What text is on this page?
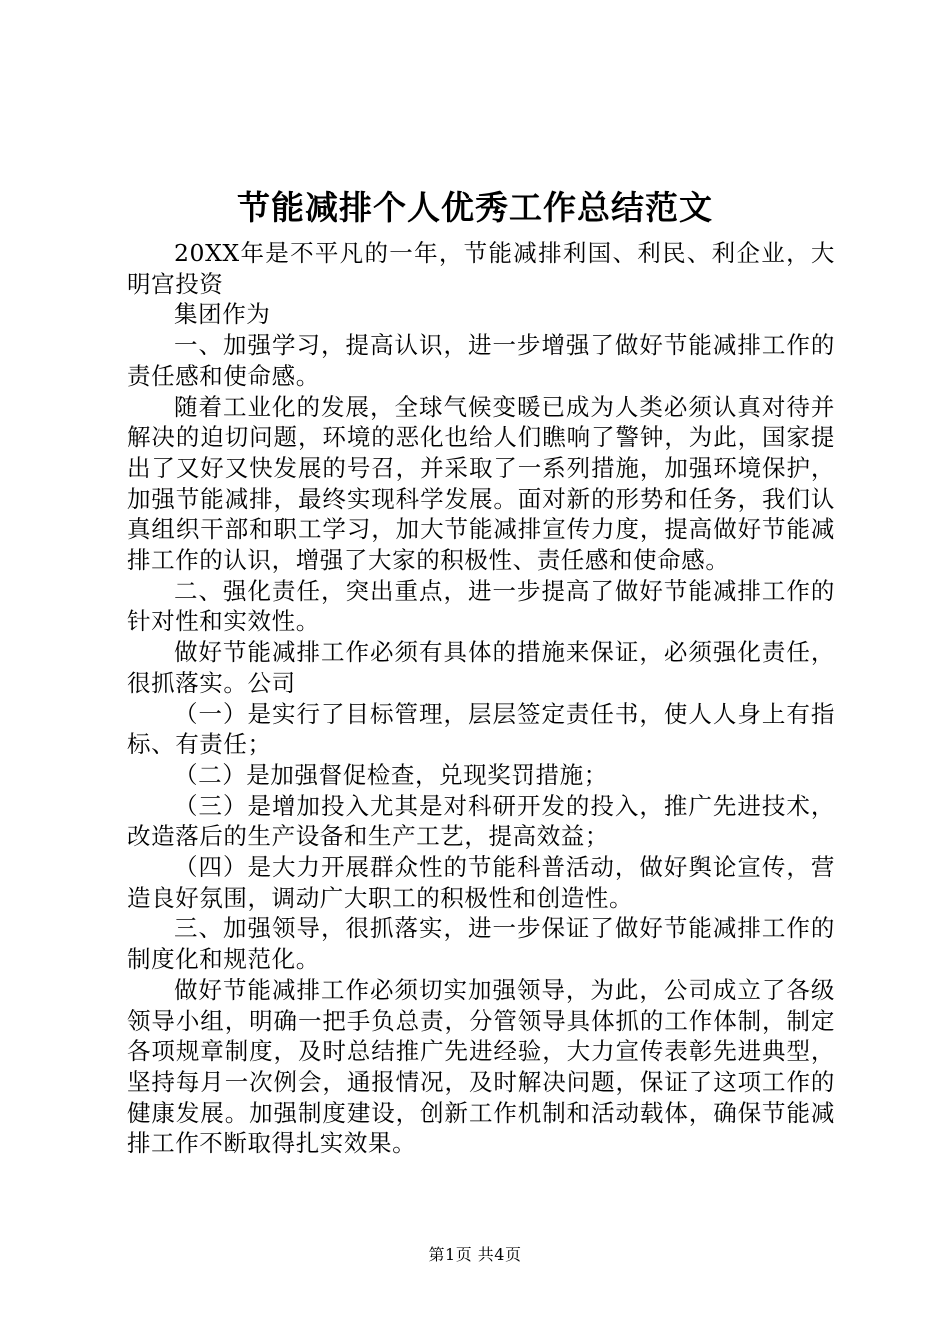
节能减排个人优秀工作总结范文

20XX年是不平凡的一年，节能减排利国、利民、利企业，大明宫投资

集团作为

一、加强学习，提高认识，进一步增强了做好节能减排工作的责任感和使命感。

随着工业化的发展，全球气候变暖已成为人类必须认真对待并解决的迫切问题，环境的恶化也给人们瞧响了警钟，为此，国家提出了又好又快发展的号召，并采取了一系列措施，加强环境保护，加强节能减排，最终实现科学发展。面对新的形势和任务，我们认真组织干部和职工学习，加大节能减排宣传力度，提高做好节能减排工作的认识，增强了大家的积极性、责任感和使命感。

二、强化责任，突出重点，进一步提高了做好节能减排工作的针对性和实效性。

做好节能减排工作必须有具体的措施来保证，必须强化责任，很抓落实。公司

（一）是实行了目标管理，层层签定责任书，使人人身上有指标、有责任；

（二）是加强督促检查，兑现奖罚措施；

（三）是增加投入尤其是对科研开发的投入，推广先进技术，改造落后的生产设备和生产工艺，提高效益；

（四）是大力开展群众性的节能科普活动，做好舆论宣传，营造良好氛围，调动广大职工的积极性和创造性。

三、加强领导，很抓落实，进一步保证了做好节能减排工作的制度化和规范化。

做好节能减排工作必须切实加强领导，为此，公司成立了各级领导小组，明确一把手负总责，分管领导具体抓的工作体制，制定各项规章制度，及时总结推广先进经验，大力宣传表彰先进典型，坚持每月一次例会，通报情况，及时解决问题，保证了这项工作的健康发展。加强制度建设，创新工作机制和活动载体，确保节能减排工作不断取得扎实效果。

第1页 共4页
